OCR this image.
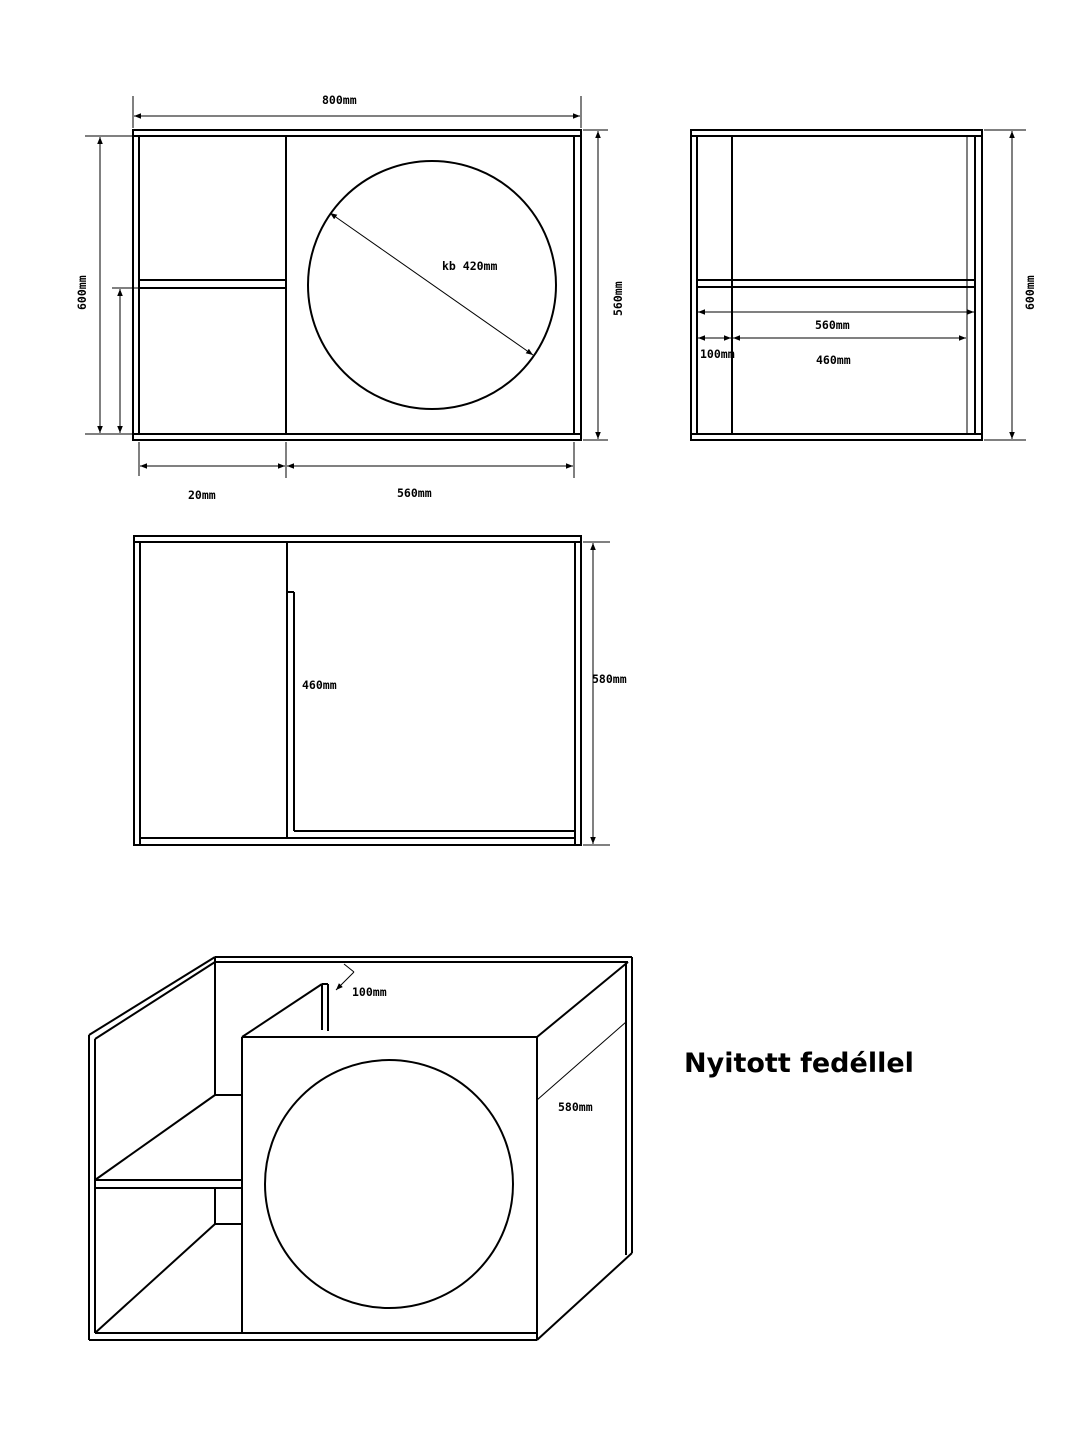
kb 420mm
800mm
600mm	560mm
20mm	560mm
600mm
560mm
100mm	460mm
460mm	580mm
100mm
580mm
Nyitott fedéllel
